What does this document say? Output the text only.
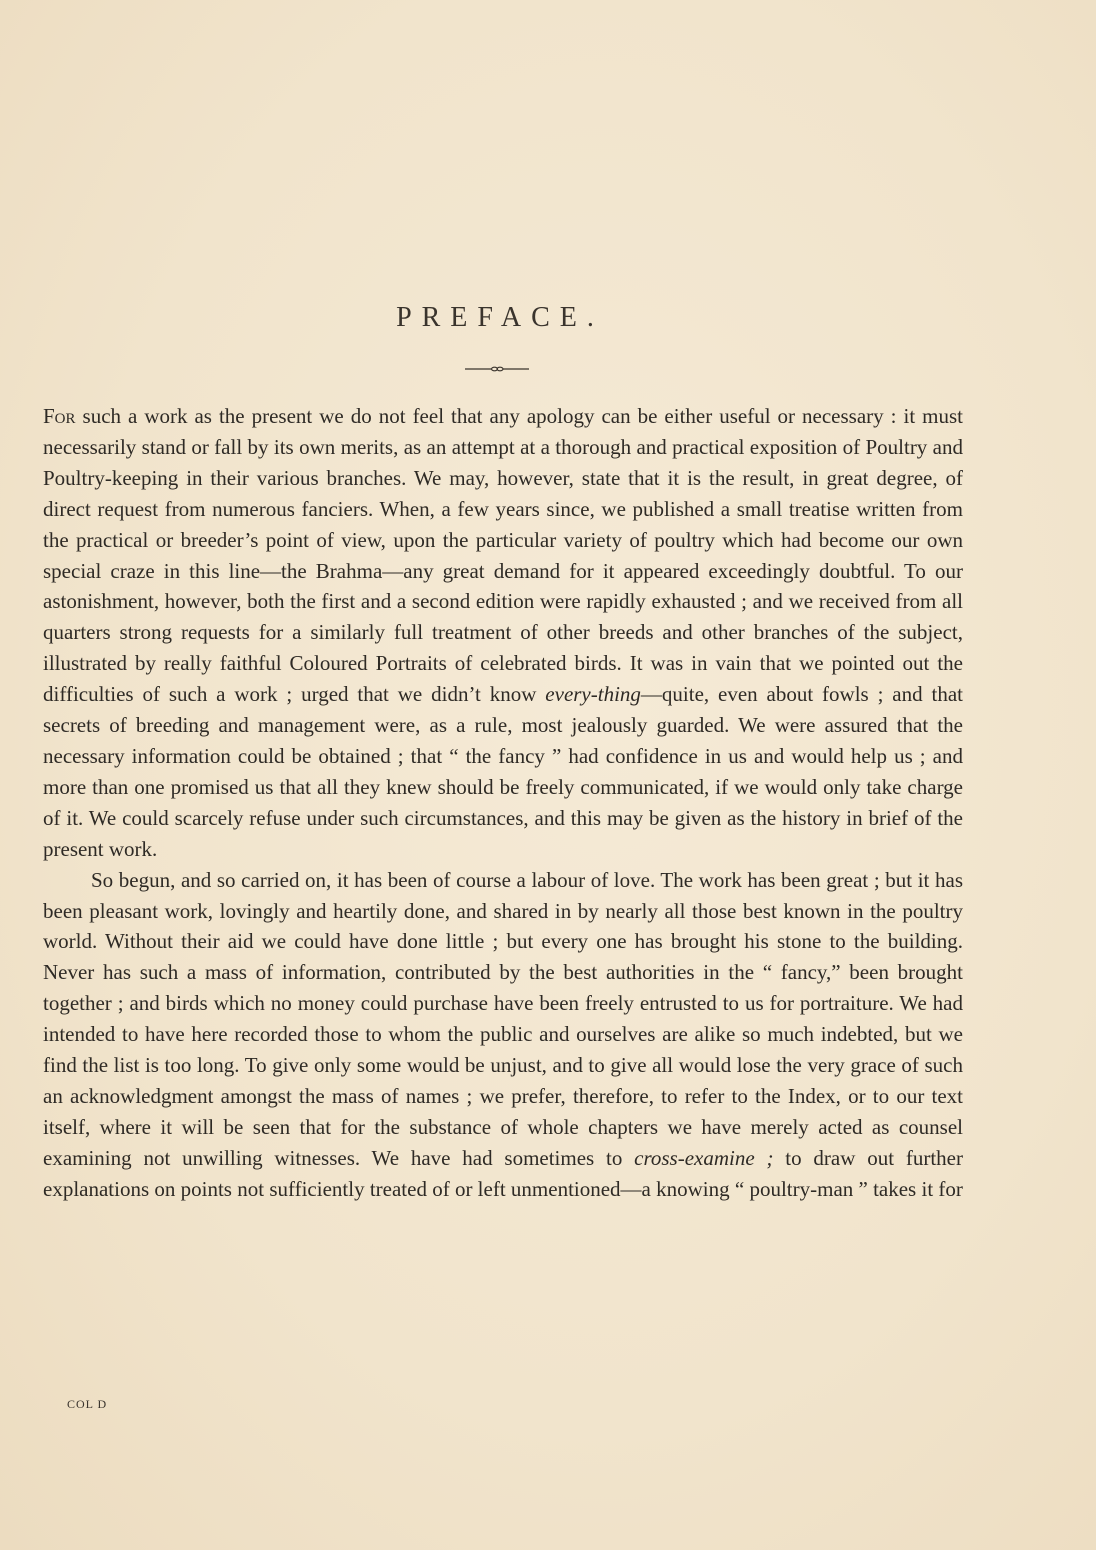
PREFACE.

For such a work as the present we do not feel that any apology can be either useful or necessary : it must necessarily stand or fall by its own merits, as an attempt at a thorough and practical exposition of Poultry and Poultry-keeping in their various branches. We may, however, state that it is the result, in great degree, of direct request from numerous fanciers. When, a few years since, we published a small treatise written from the practical or breeder’s point of view, upon the particular variety of poultry which had become our own special craze in this line—the Brahma—any great demand for it appeared exceedingly doubtful. To our astonishment, however, both the first and a second edition were rapidly exhausted ; and we received from all quarters strong requests for a similarly full treatment of other breeds and other branches of the subject, illustrated by really faithful Coloured Portraits of celebrated birds. It was in vain that we pointed out the difficulties of such a work ; urged that we didn’t know every-thing—quite, even about fowls ; and that secrets of breeding and management were, as a rule, most jealously guarded. We were assured that the necessary information could be obtained ; that “ the fancy ” had confidence in us and would help us ; and more than one promised us that all they knew should be freely communicated, if we would only take charge of it. We could scarcely refuse under such circumstances, and this may be given as the history in brief of the present work.

So begun, and so carried on, it has been of course a labour of love. The work has been great ; but it has been pleasant work, lovingly and heartily done, and shared in by nearly all those best known in the poultry world. Without their aid we could have done little ; but every one has brought his stone to the building. Never has such a mass of information, contributed by the best authorities in the “ fancy,” been brought together ; and birds which no money could purchase have been freely entrusted to us for portraiture. We had intended to have here recorded those to whom the public and ourselves are alike so much indebted, but we find the list is too long. To give only some would be unjust, and to give all would lose the very grace of such an acknowledgment amongst the mass of names ; we prefer, therefore, to refer to the Index, or to our text itself, where it will be seen that for the substance of whole chapters we have merely acted as counsel examining not unwilling witnesses. We have had sometimes to cross-examine ; to draw out further explanations on points not sufficiently treated of or left unmentioned—a knowing “ poultry-man ” takes it for

COL D
